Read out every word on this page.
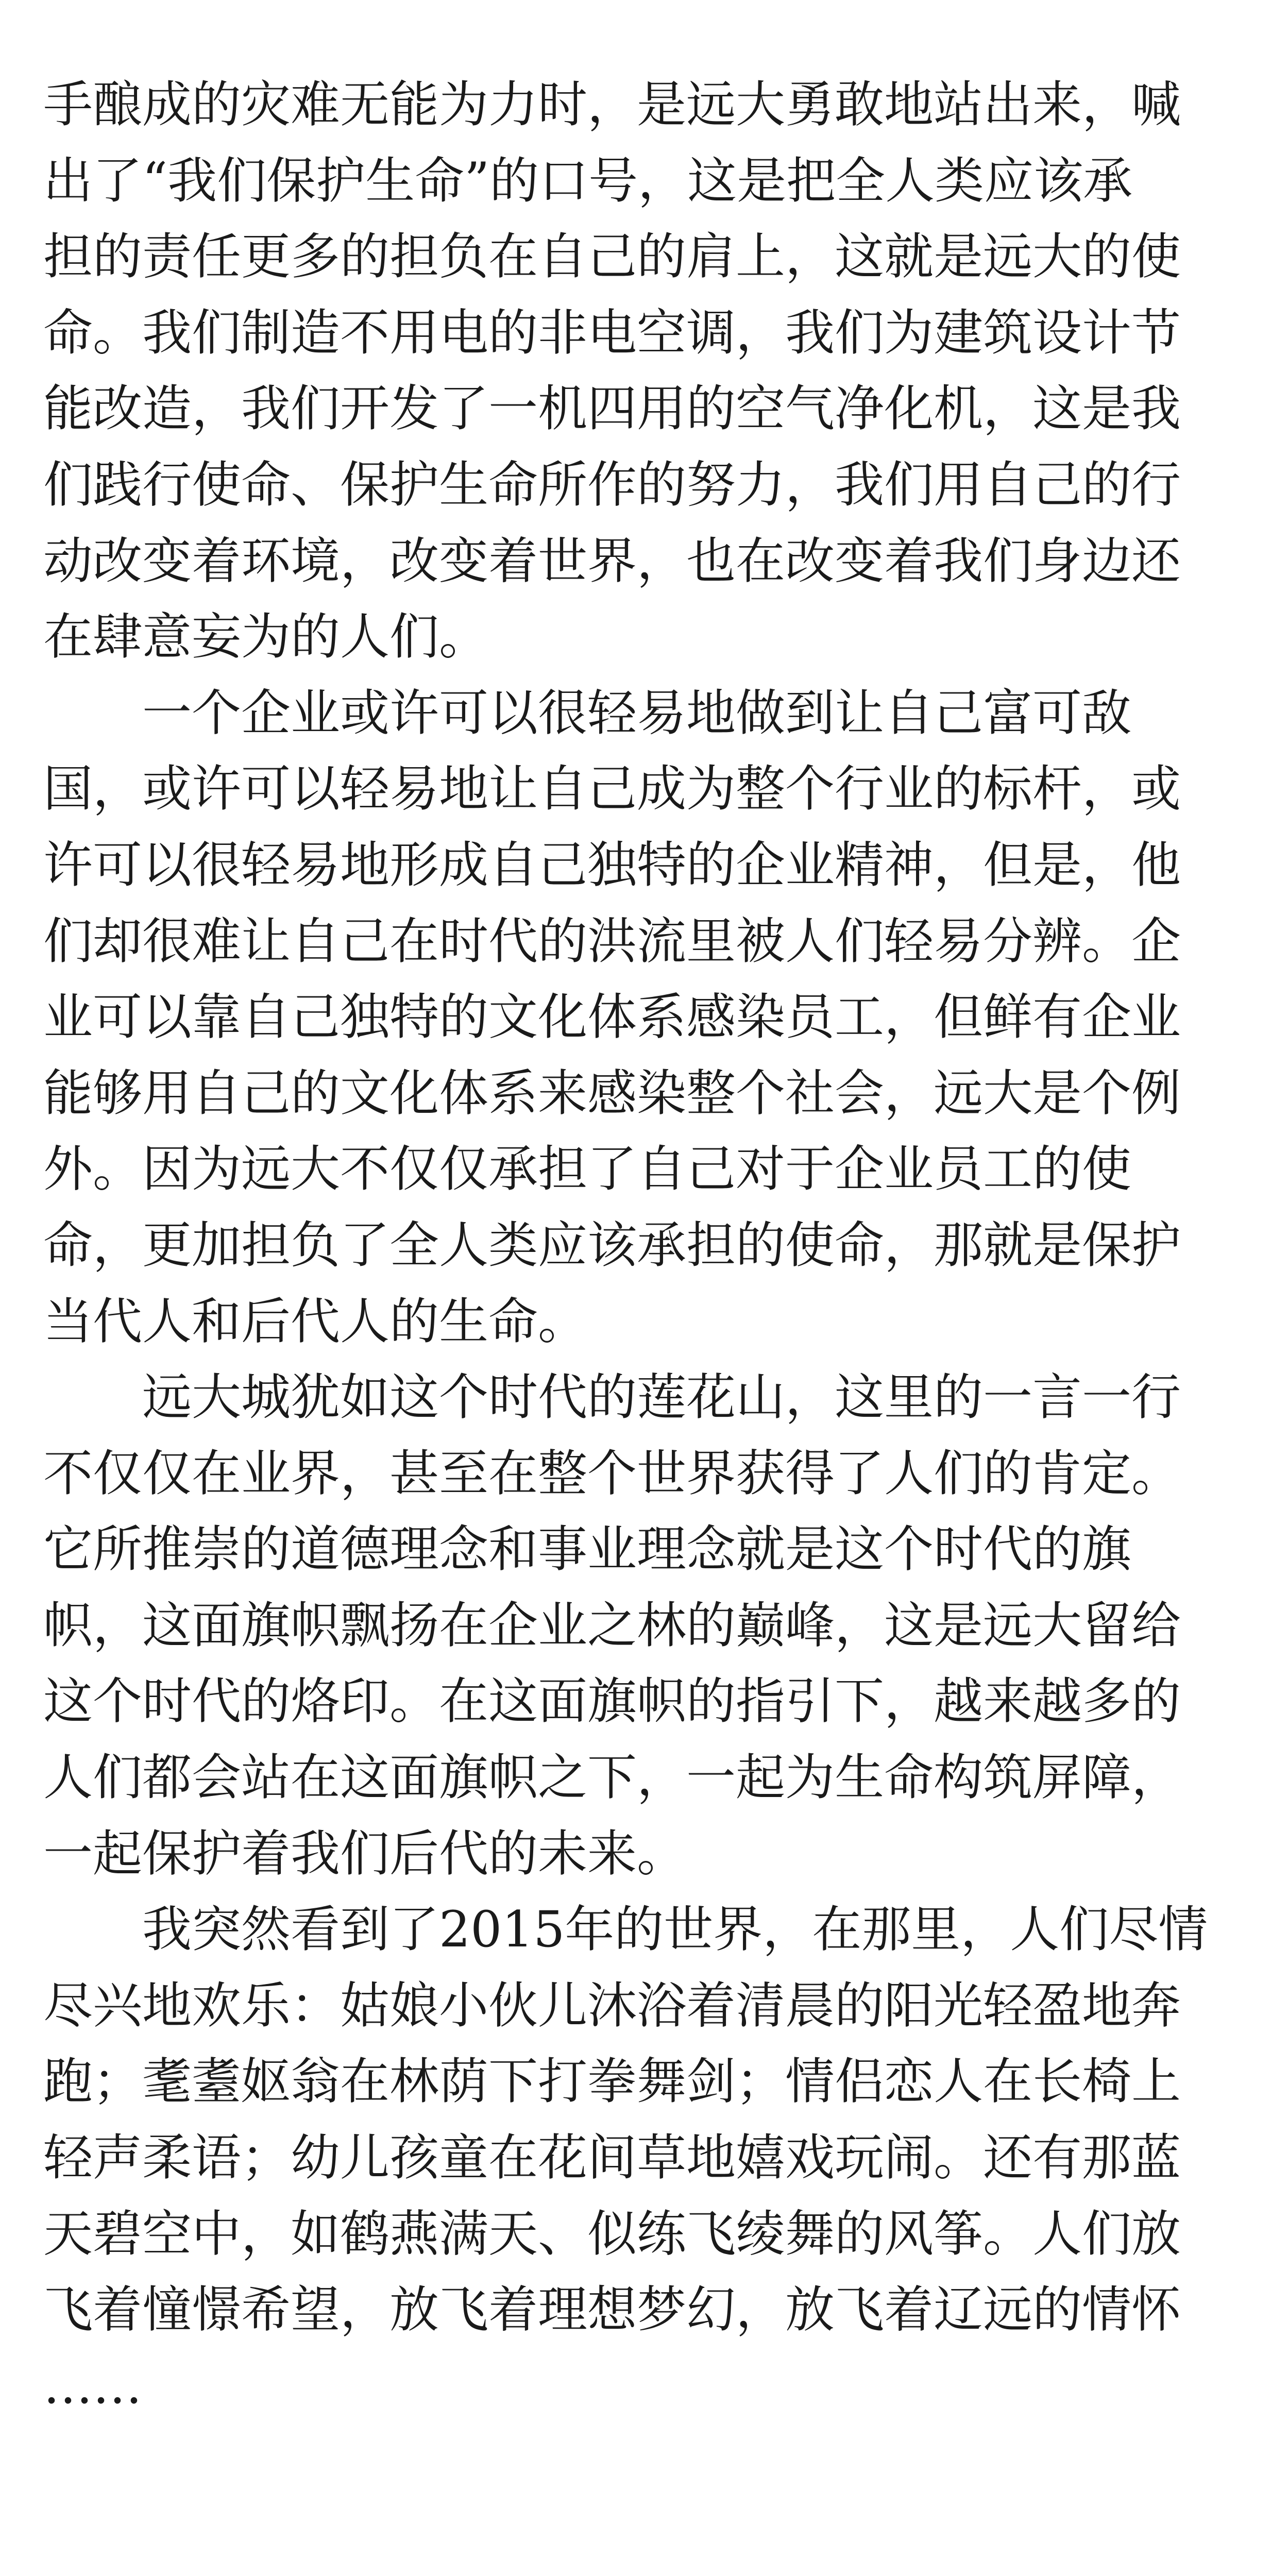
手酿成的灾难无能为力时，是远大勇敢地站出来，喊
出了“我们保护生命”的口号，这是把全人类应该承
担的责任更多的担负在自己的肩上，这就是远大的使
命。我们制造不用电的非电空调，我们为建筑设计节
能改造，我们开发了一机四用的空气净化机，这是我
们践行使命、保护生命所作的努力，我们用自己的行
动改变着环境，改变着世界，也在改变着我们身边还
在肆意妄为的人们。
　　一个企业或许可以很轻易地做到让自己富可敌
国，或许可以轻易地让自己成为整个行业的标杆，或
许可以很轻易地形成自己独特的企业精神，但是，他
们却很难让自己在时代的洪流里被人们轻易分辨。企
业可以靠自己独特的文化体系感染员工，但鲜有企业
能够用自己的文化体系来感染整个社会，远大是个例
外。因为远大不仅仅承担了自己对于企业员工的使
命，更加担负了全人类应该承担的使命，那就是保护
当代人和后代人的生命。
　　远大城犹如这个时代的莲花山，这里的一言一行
不仅仅在业界，甚至在整个世界获得了人们的肯定。
它所推崇的道德理念和事业理念就是这个时代的旗
帜，这面旗帜飘扬在企业之林的巅峰，这是远大留给
这个时代的烙印。在这面旗帜的指引下，越来越多的
人们都会站在这面旗帜之下，一起为生命构筑屏障，
一起保护着我们后代的未来。
　　我突然看到了2015年的世界，在那里，人们尽情
尽兴地欢乐：姑娘小伙儿沐浴着清晨的阳光轻盈地奔
跑；耄耋妪翁在林荫下打拳舞剑；情侣恋人在长椅上
轻声柔语；幼儿孩童在花间草地嬉戏玩闹。还有那蓝
天碧空中，如鹤燕满天、似练飞绫舞的风筝。人们放
飞着憧憬希望，放飞着理想梦幻，放飞着辽远的情怀
……
